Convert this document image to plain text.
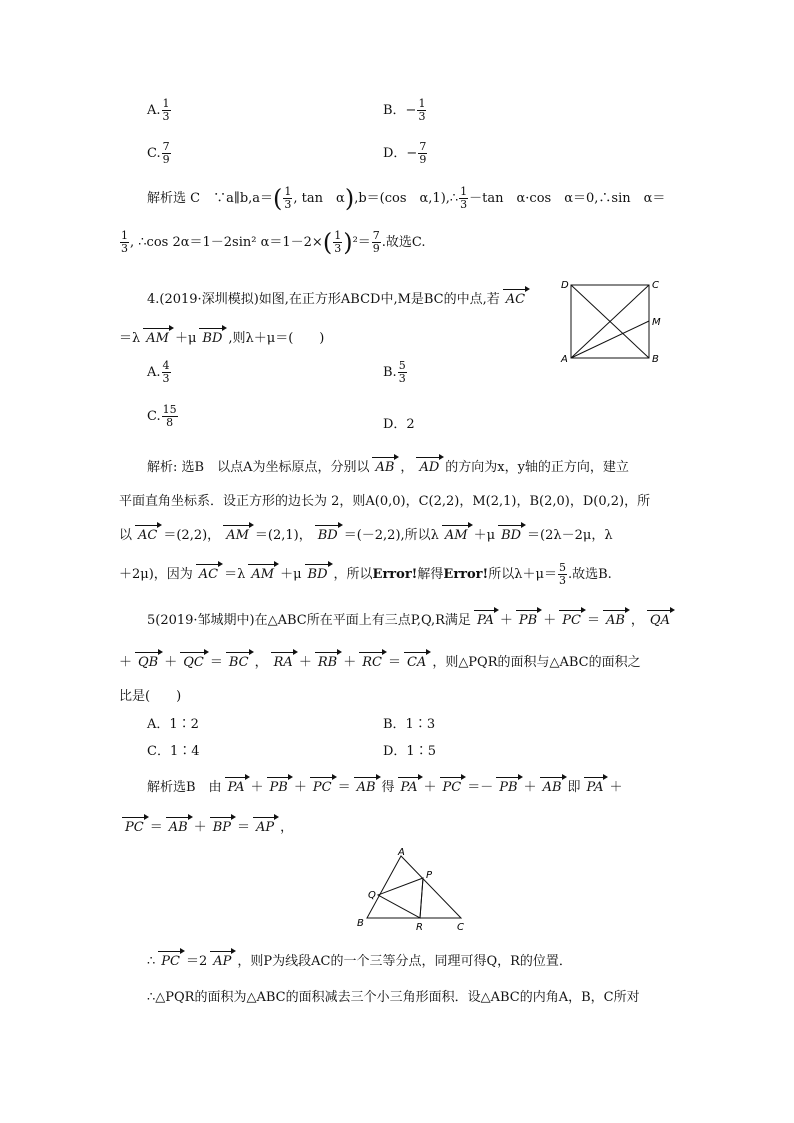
A. $\frac{1}{3}$	B．− $\frac{1}{3}$
C. $\frac{7}{9}$	D．− $\frac{7}{9}$
解析选 C　∵a∥b,a＝( $\frac{1}{3}$ , tan　α),b＝(cos　α,1),∴ $\frac{1}{3} -\tan$　α·cos　α＝0,∴sin　α＝
$\frac{1}{3}$ , ∴cos 2α＝1－2sin² $\alpha=1-2\times( \frac{1}{3} )^2= \frac{7}{9}$ .故选C.
4.(2019·深圳模拟)如图,在正方形ABCD中,M是BC的中点,若 AC
＝λ AM ＋μ BD ,则λ＋μ＝(　　)
D	C
M
A	B
A. $\frac{4}{3}$	B. $\frac{5}{3}$
C. $\frac{15}{8}$	D．2
解析: 选B　以点A为坐标原点，分别以 AB ， AD 的方向为x，y轴的正方向，建立
平面直角坐标系．设正方形的边长为 2，则A(0,0)，C(2,2)，M(2,1)，B(2,0)，D(0,2)，所
以 AC ＝(2,2)， AM ＝(2,1)， BD ＝(－2,2),所以λ AM ＋μ BD ＝(2λ－2μ，λ
＋2μ)，因为 AC ＝λ AM ＋μ BD ，所以Error!解得Error!所以$\lambda+\mu= \frac{5}{3}$ .故选B.
5(2019·邹城期中)在△ABC所在平面上有三点P,Q,R满足 PA ＋ PB ＋ PC ＝ AB ， QA
＋ QB ＋ QC ＝ BC ， RA ＋ RB ＋ RC ＝ CA ，则△PQR的面积与△ABC的面积之
比是(　　)
A．1∶2	B．1∶3
C．1∶4	D．1∶5
解析选B　由 PA ＋ PB ＋ PC ＝ AB 得 PA ＋ PC ＝－ PB ＋ AB 即 PA ＋
PC ＝ AB ＋ BP ＝ AP ，
A
P
Q
B	R	C
∴ PC ＝2 AP ，则P为线段AC的一个三等分点，同理可得Q，R的位置．
∴△PQR的面积为△ABC的面积减去三个小三角形面积．设△ABC的内角A，B，C所对
